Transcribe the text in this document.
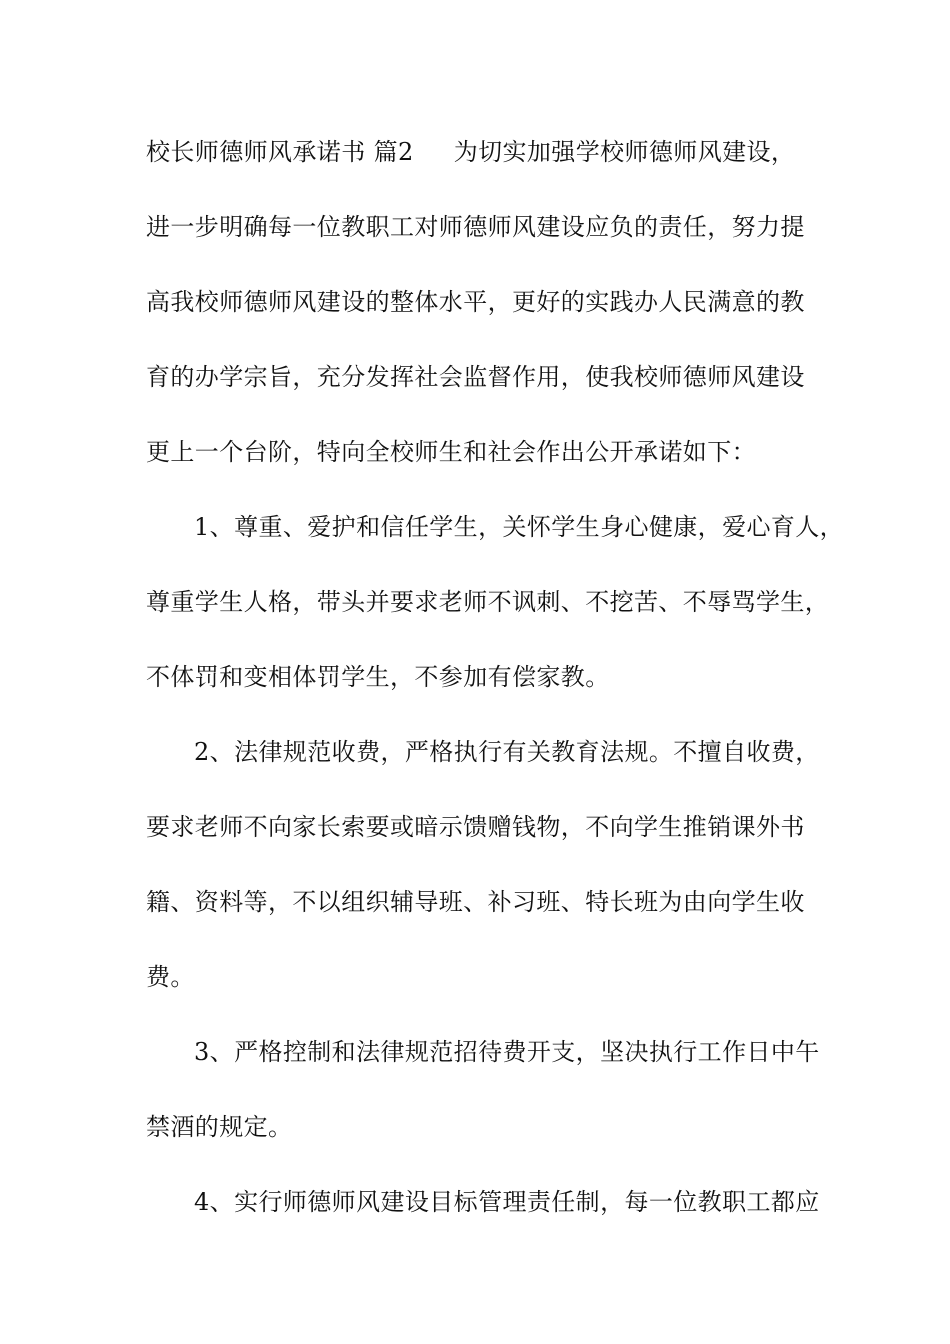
校长师德师风承诺书 篇2 为切实加强学校师德师风建设，
进一步明确每一位教职工对师德师风建设应负的责任，努力提
高我校师德师风建设的整体水平，更好的实践办人民满意的教
育的办学宗旨，充分发挥社会监督作用，使我校师德师风建设
更上一个台阶，特向全校师生和社会作出公开承诺如下：
1、尊重、爱护和信任学生，关怀学生身心健康，爱心育人，
尊重学生人格，带头并要求老师不讽刺、不挖苦、不辱骂学生，
不体罚和变相体罚学生，不参加有偿家教。
2、法律规范收费，严格执行有关教育法规。不擅自收费，
要求老师不向家长索要或暗示馈赠钱物，不向学生推销课外书
籍、资料等，不以组织辅导班、补习班、特长班为由向学生收
费。
3、严格控制和法律规范招待费开支，坚决执行工作日中午
禁酒的规定。
4、实行师德师风建设目标管理责任制，每一位教职工都应
